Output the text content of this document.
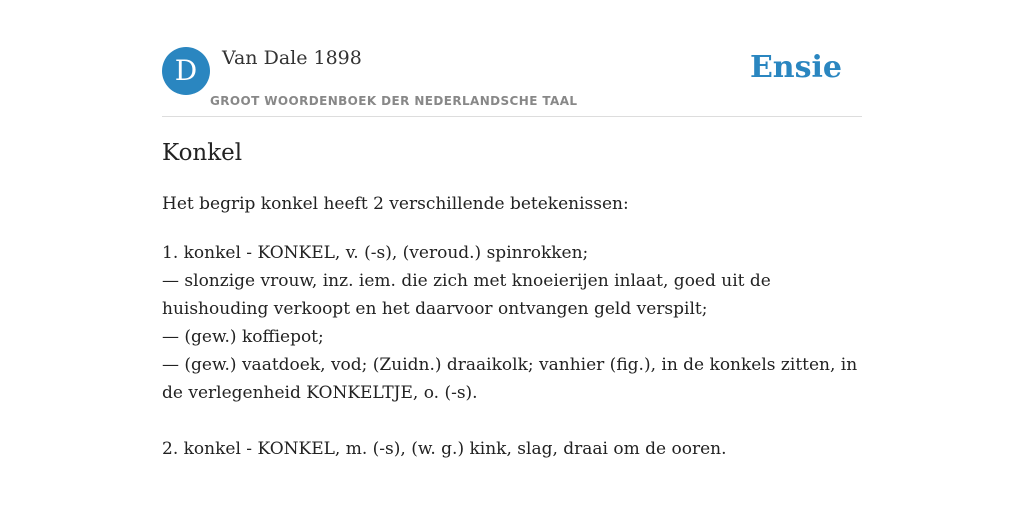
D	Van Dale 1898
GROOT WOORDENBOEK DER NEDERLANDSCHE TAAL
Ensie
Konkel
Het begrip konkel heeft 2 verschillende betekenissen:
1. konkel - KONKEL, v. (-s), (veroud.) spinrokken;
— slonzige vrouw, inz. iem. die zich met knoeierijen inlaat, goed uit de
huishouding verkoopt en het daarvoor ontvangen geld verspilt;
— (gew.) koffiepot;
— (gew.) vaatdoek, vod; (Zuidn.) draaikolk; vanhier (fig.), in de konkels zitten, in
de verlegenheid KONKELTJE, o. (-s).
2. konkel - KONKEL, m. (-s), (w. g.) kink, slag, draai om de ooren.
